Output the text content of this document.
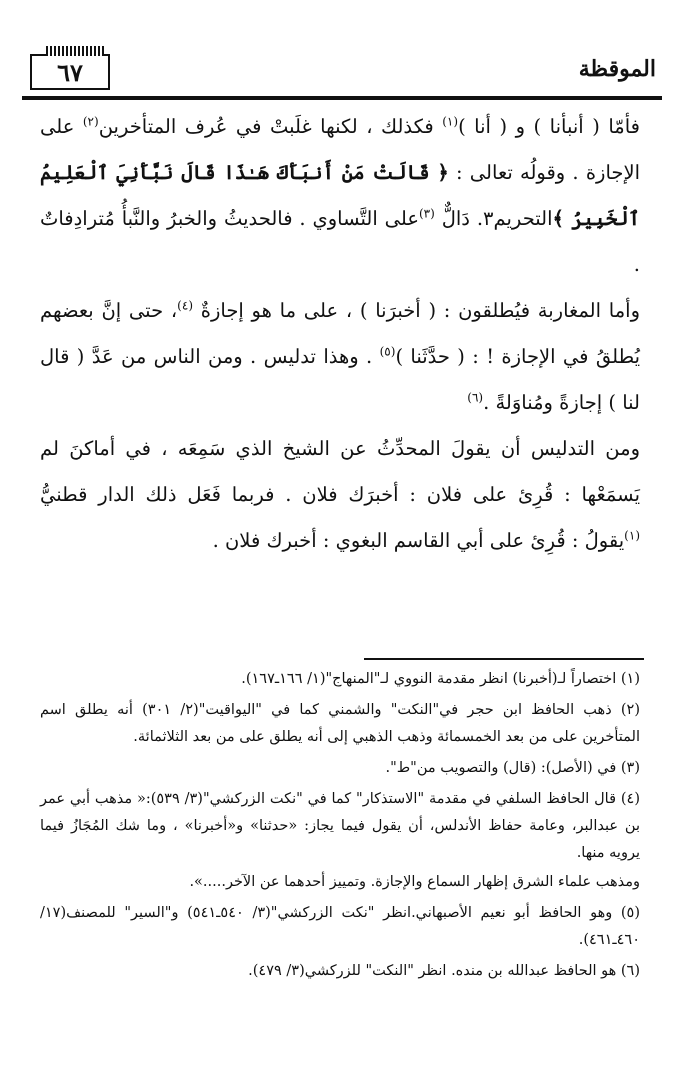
٦٧	الموقظة

فأمّا ( أنبأنا ) و ( أنا )$^{(١)}$ فكذلك ، لكنها غلَبتْ في عُرف المتأخرين$^{(٢)}$ على الإجازة . وقولُه تعالى : ﴿ قَالَتْ مَنْ أَنبَأَكَ هَـٰذَا قَالَ نَبَّأَنِيَ ٱلْعَلِيمُ ٱلْخَبِيرُ ﴾التحريم٣. دَالٌّ $^{(٣)}$على التَّساوي . فالحديثُ والخبرُ والنَّبأُ مُترادِفاتٌ .

وأما المغاربة فيُطلقون : ( أخبرَنا ) ، على ما هو إجازةٌ $^{(٤)}$، حتى إنَّ بعضهم يُطلقُ في الإجازة ! : ( حدَّثَنا )$^{(٥)}$ . وهذا تدليس . ومن الناس من عَدَّ ( قال لنا ) إجازةً ومُناوَلةً .$^{(٦)}$

ومن التدليس أن يقولَ المحدِّثُ عن الشيخ الذي سَمِعَه ، في أماكنَ لم يَسمَعْها : قُرِئ على فلان : أخبرَك فلان . فربما فَعَل ذلك الدار قطنيُّ $^{(١)}$يقولُ : قُرِئ على أبي القاسم البغوي : أخبرك فلان .

(١) اختصاراً لـ(أخبرنا) انظر مقدمة النووي لـ"المنهاج"(١/ ١٦٦ـ١٦٧).

(٢) ذهب الحافظ ابن حجر في"النكت" والشمني كما في "اليواقيت"(٢/ ٣٠١) أنه يطلق اسم المتأخرين على من بعد الخمسمائة وذهب الذهبي إلى أنه يطلق على من بعد الثلاثمائة.

(٣) في (الأصل): (قال) والتصويب من"ط".

(٤) قال الحافظ السلفي في مقدمة "الاستذكار" كما في "نكت الزركشي"(٣/ ٥٣٩):« مذهب أبي عمر بن عبدالبر، وعامة حفاظ الأندلس، أن يقول فيما يجاز: «حدثنا» و«أخبرنا» ، وما شك المُجَازُ فيما يرويه منها.

ومذهب علماء الشرق إظهار السماع والإجازة. وتمييز أحدهما عن الآخر.....».

(٥) وهو الحافظ أبو نعيم الأصبهاني.انظر "نكت الزركشي"(٣/ ٥٤٠ـ٥٤١) و"السير" للمصنف(١٧/ ٤٦٠ـ٤٦١).

(٦) هو الحافظ عبدالله بن منده. انظر "النكت" للزركشي(٣/ ٤٧٩).
